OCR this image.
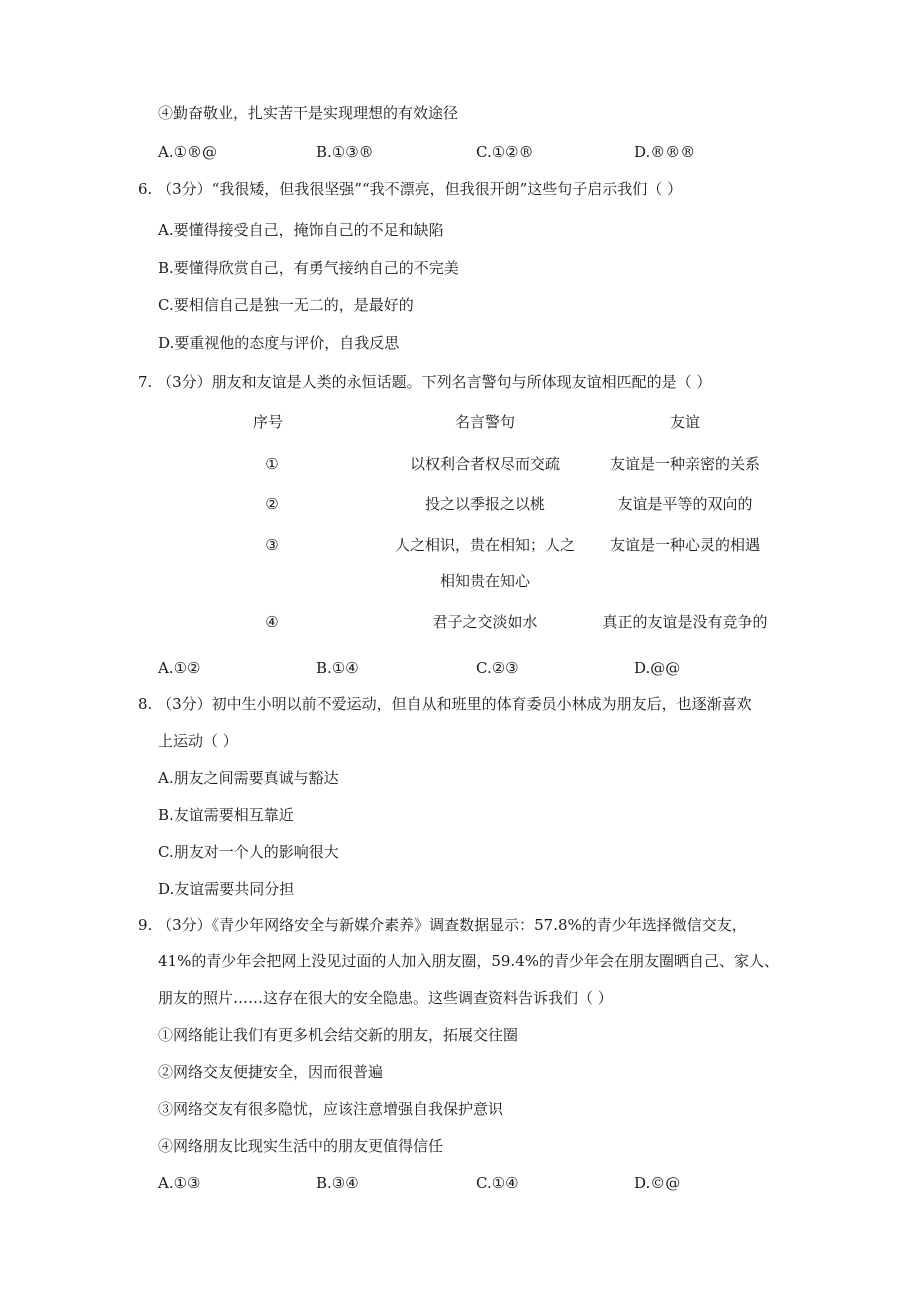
④勤奋敬业，扎实苦干是实现理想的有效途径
A.①®@	B.①③®	C.①②®	D.®®®
6. （3分）“我很矮，但我很坚强”“我不漂亮，但我很开朗”这些句子启示我们（ ）
A.要懂得接受自己，掩饰自己的不足和缺陷
B.要懂得欣赏自己，有勇气接纳自己的不完美
C.要相信自己是独一无二的，是最好的
D.要重视他的态度与评价，自我反思
7. （3分）朋友和友谊是人类的永恒话题。下列名言警句与所体现友谊相匹配的是（ ）
序号	名言警句	友谊
①	以权利合者权尽而交疏	友谊是一种亲密的关系
②	投之以季报之以桃	友谊是平等的双向的
③	人之相识，贵在相知；人之	友谊是一种心灵的相遇
相知贵在知心
④	君子之交淡如水	真正的友谊是没有竞争的
A.①②	B.①④	C.②③	D.@@
8. （3分）初中生小明以前不爱运动，但自从和班里的体育委员小林成为朋友后，也逐渐喜欢
上运动（ ）
A.朋友之间需要真诚与豁达
B.友谊需要相互靠近
C.朋友对一个人的影响很大
D.友谊需要共同分担
9. （3分）《青少年网络安全与新媒介素养》调查数据显示：57.8%的青少年选择微信交友，
41%的青少年会把网上没见过面的人加入朋友圈，59.4%的青少年会在朋友圈晒自己、家人、
朋友的照片……这存在很大的安全隐患。这些调查资料告诉我们（ ）
①网络能让我们有更多机会结交新的朋友，拓展交往圈
②网络交友便捷安全，因而很普遍
③网络交友有很多隐忧，应该注意增强自我保护意识
④网络朋友比现实生活中的朋友更值得信任
A.①③	B.③④	C.①④	D.©@
